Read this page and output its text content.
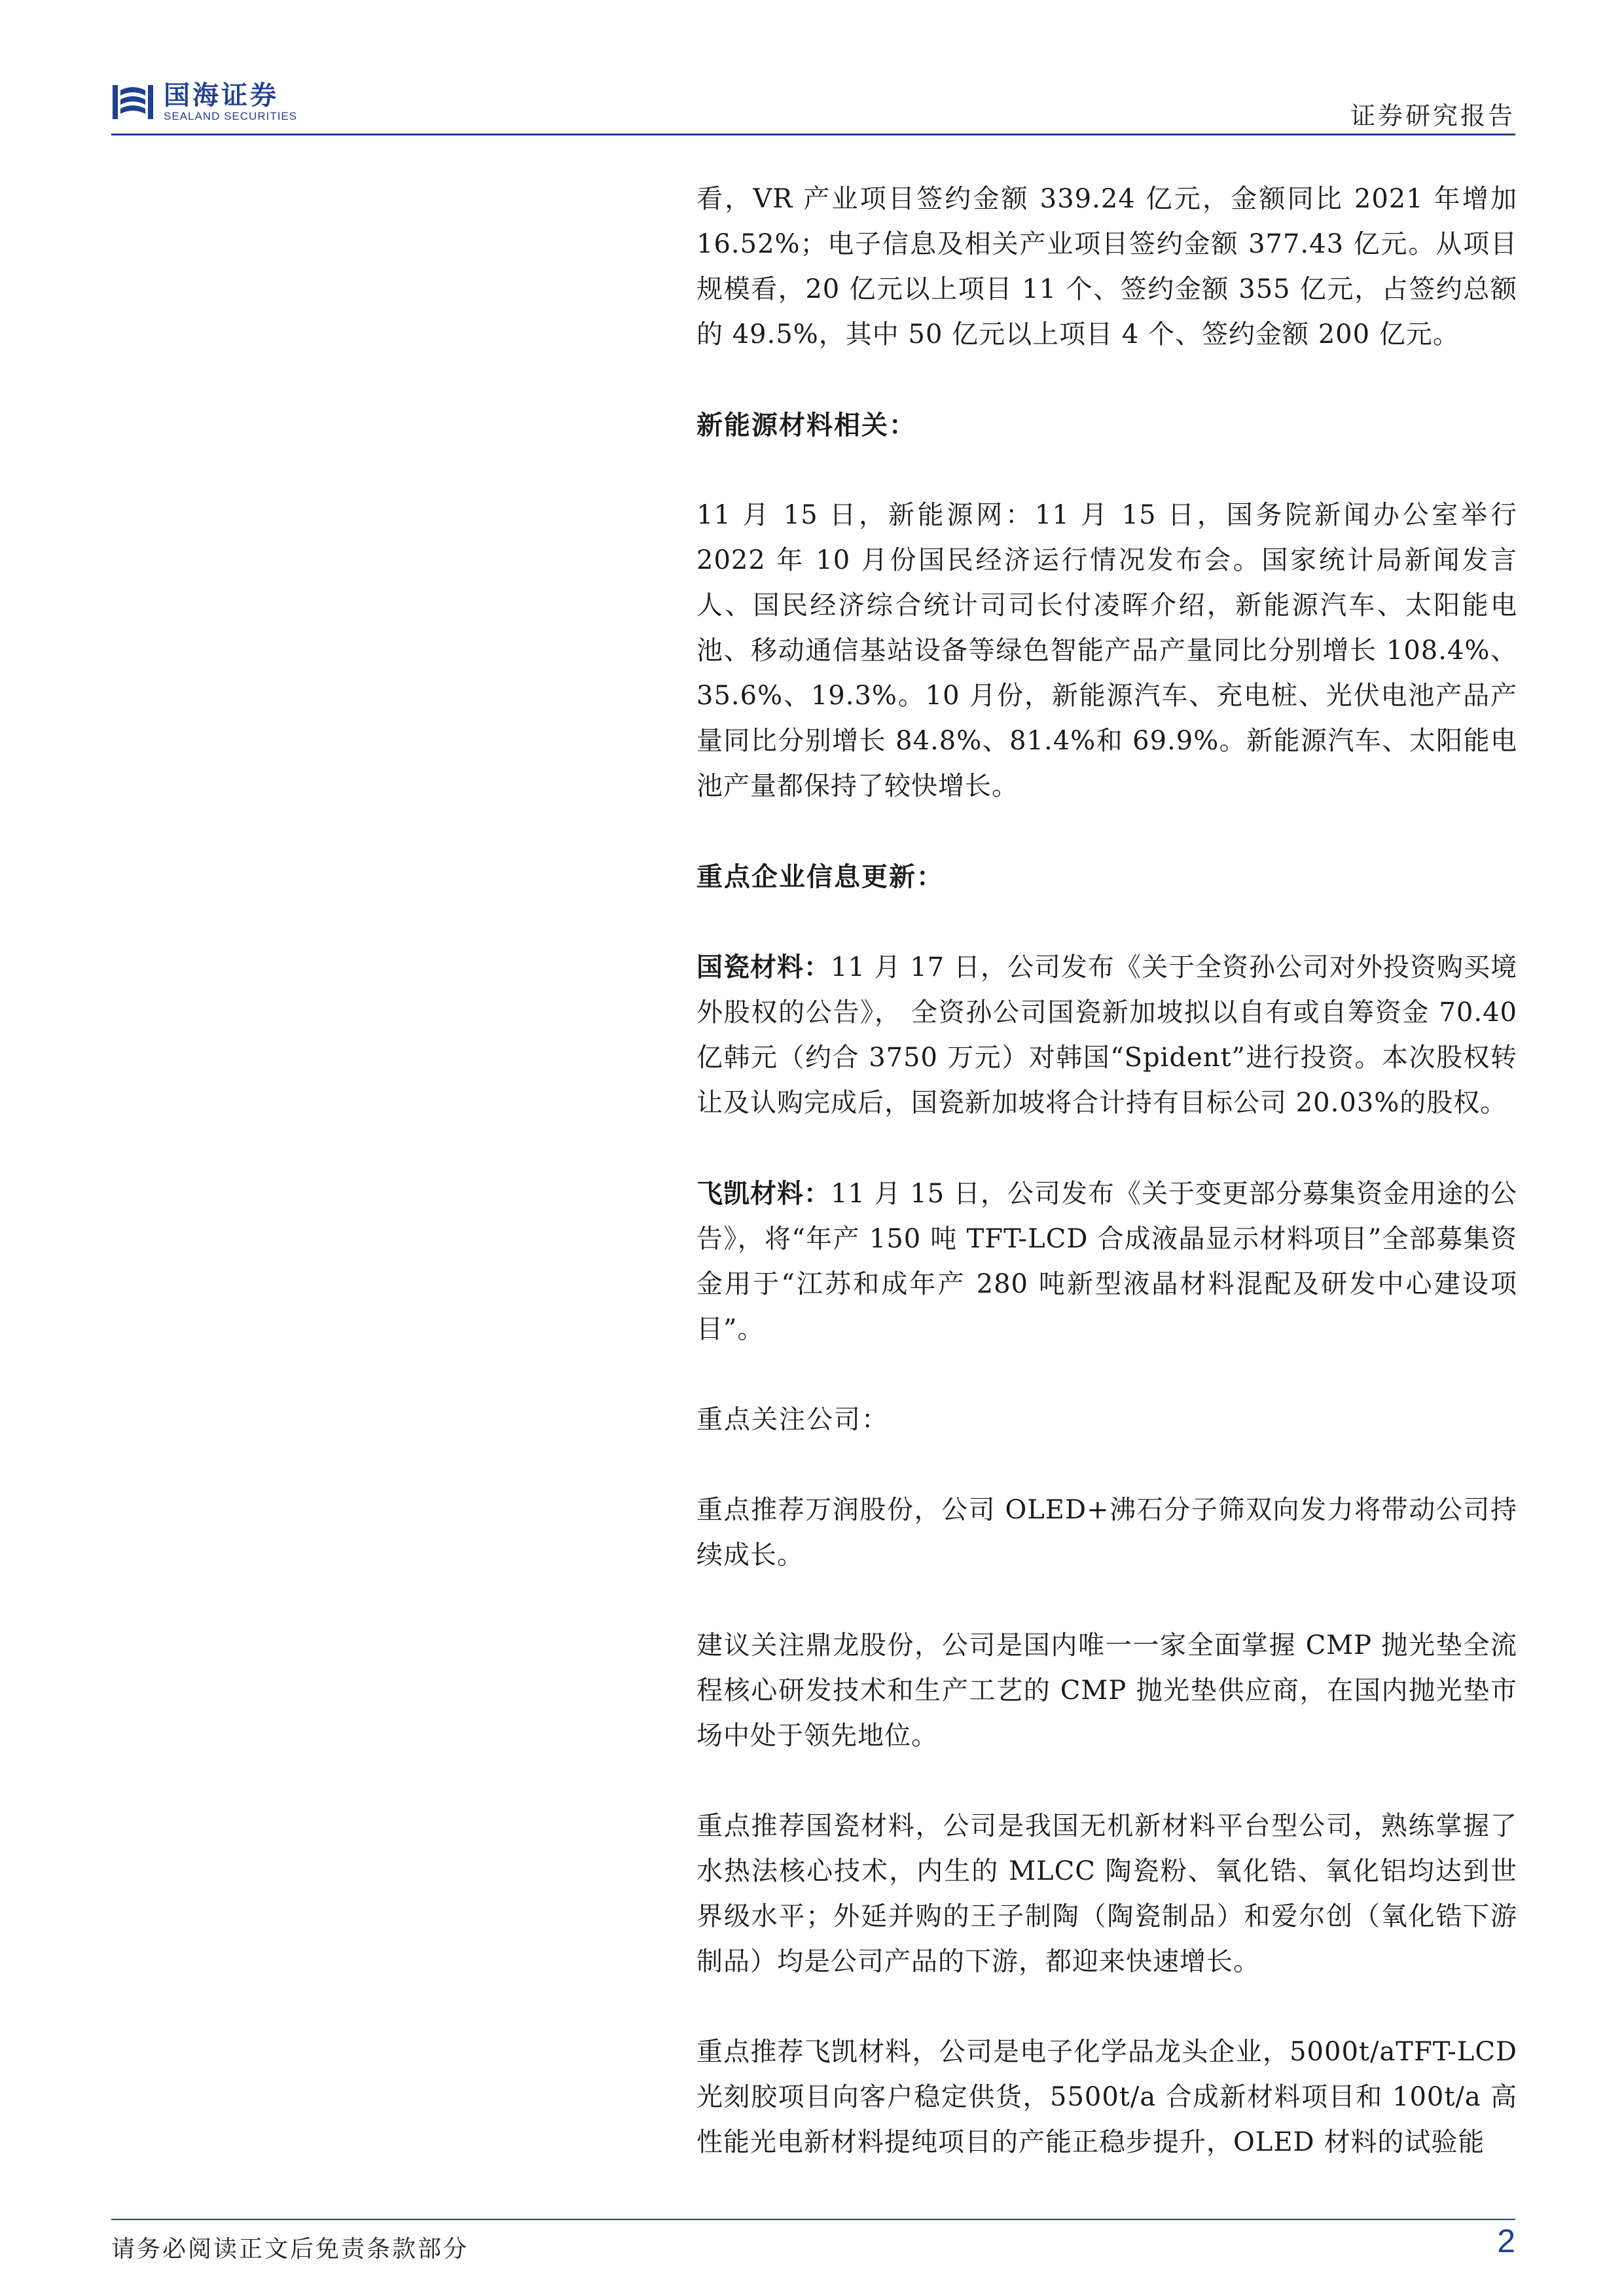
国海证券
SEALAND SECURITIES	证券研究报告

看，VR 产业项目签约金额 339.24 亿元，金额同比 2021 年增加 16.52%；电子信息及相关产业项目签约金额 377.43 亿元。从项目规模看，20 亿元以上项目 11 个、签约金额 355 亿元，占签约总额的 49.5%，其中 50 亿元以上项目 4 个、签约金额 200 亿元。

新能源材料相关：

11 月 15 日，新能源网：11 月 15 日，国务院新闻办公室举行 2022 年 10 月份国民经济运行情况发布会。国家统计局新闻发言人、国民经济综合统计司司长付凌晖介绍，新能源汽车、太阳能电池、移动通信基站设备等绿色智能产品产量同比分别增长 108.4%、35.6%、19.3%。10 月份，新能源汽车、充电桩、光伏电池产品产量同比分别增长 84.8%、81.4%和 69.9%。新能源汽车、太阳能电池产量都保持了较快增长。

重点企业信息更新：

国瓷材料：11 月 17 日，公司发布《关于全资孙公司对外投资购买境外股权的公告》， 全资孙公司国瓷新加坡拟以自有或自筹资金 70.40 亿韩元（约合 3750 万元）对韩国“Spident”进行投资。本次股权转让及认购完成后，国瓷新加坡将合计持有目标公司 20.03%的股权。

飞凯材料：11 月 15 日，公司发布《关于变更部分募集资金用途的公告》，将“年产 150 吨 TFT-LCD 合成液晶显示材料项目”全部募集资金用于“江苏和成年产 280 吨新型液晶材料混配及研发中心建设项目”。

重点关注公司：

重点推荐万润股份，公司 OLED+沸石分子筛双向发力将带动公司持续成长。

建议关注鼎龙股份，公司是国内唯一一家全面掌握 CMP 抛光垫全流程核心研发技术和生产工艺的 CMP 抛光垫供应商，在国内抛光垫市场中处于领先地位。

重点推荐国瓷材料，公司是我国无机新材料平台型公司，熟练掌握了水热法核心技术，内生的 MLCC 陶瓷粉、氧化锆、氧化铝均达到世界级水平；外延并购的王子制陶（陶瓷制品）和爱尔创（氧化锆下游制品）均是公司产品的下游，都迎来快速增长。

重点推荐飞凯材料，公司是电子化学品龙头企业，5000t/aTFT-LCD 光刻胶项目向客户稳定供货，5500t/a 合成新材料项目和 100t/a 高性能光电新材料提纯项目的产能正稳步提升，OLED 材料的试验能

请务必阅读正文后免责条款部分	2
